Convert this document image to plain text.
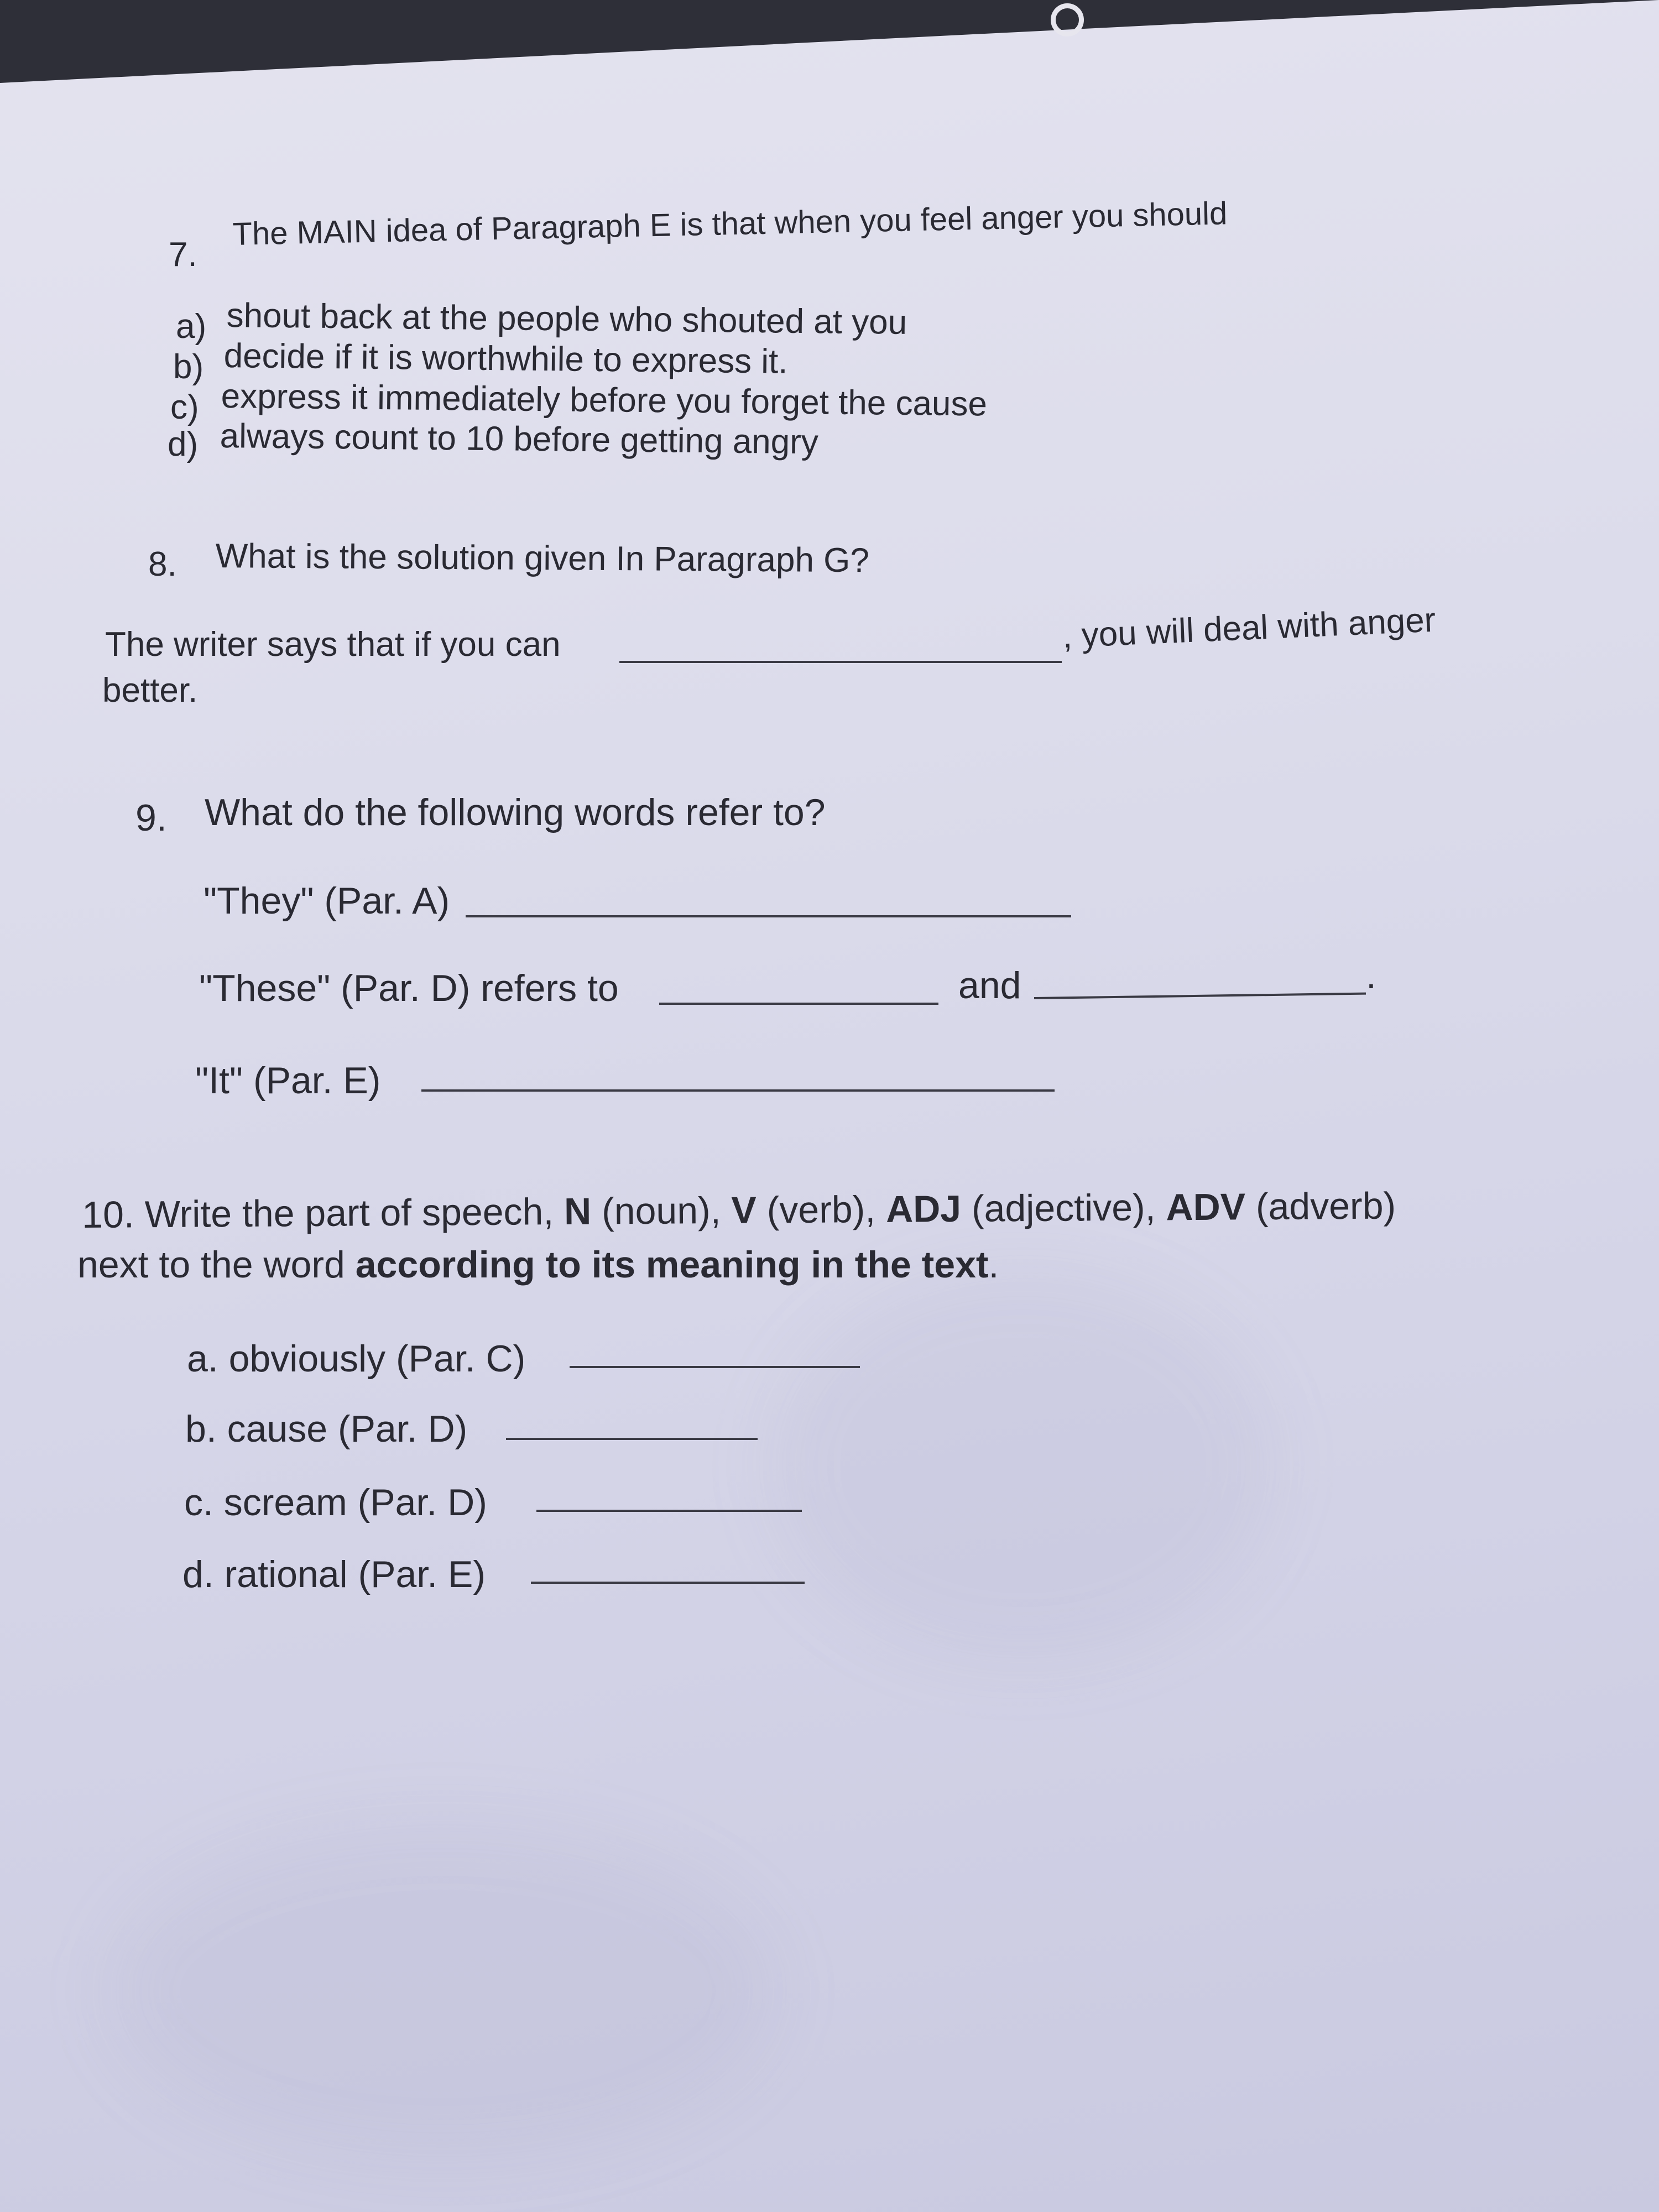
7.
The MAIN idea of Paragraph E is that when you feel anger you should
a) shout back at the people who shouted at you
b) decide if it is worthwhile to express it.
c) express it immediately before you forget the cause
d) always count to 10 before getting angry
8. What is the solution given In Paragraph G?
The writer says that if you can	, you will deal with anger
better.
9. What do the following words refer to?
"They" (Par. A)
"These" (Par. D) refers to	and	.
"It" (Par. E)
10. Write the part of speech, N (noun), V (verb), ADJ (adjective), ADV (adverb)
next to the word according to its meaning in the text.
a. obviously (Par. C)
b. cause (Par. D)
c. scream (Par. D)
d. rational (Par. E)
